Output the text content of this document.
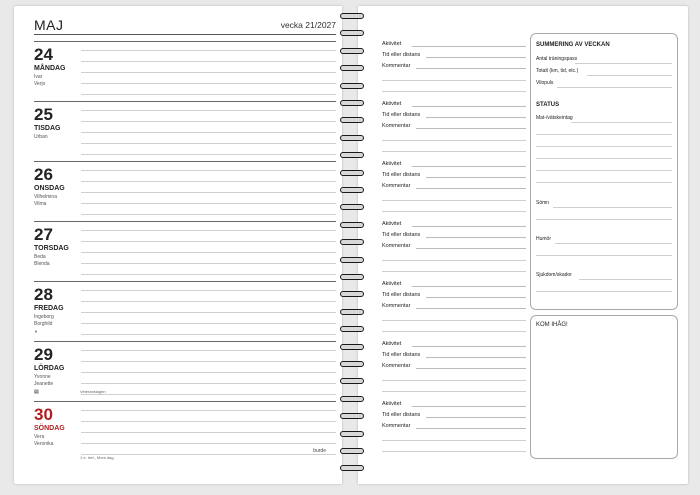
MAJ	vecka 21/2027
24
MÅNDAG
Ivar
Verjo
25
TISDAG
Urban
26
ONSDAG
Vilhelmina
Vilma
27
TORSDAG
Beda
Blenda
28
FREDAG
Ingeborg
Borghild
◑
29
LÖRDAG
Yvonne
Jeanette
▤	Veteranslagen
30
SÖNDAG
Vera
Veronika
1 e. tref., Mors dag
burde
Aktivitet
Tid eller distans
Kommentar
Aktivitet
Tid eller distans
Kommentar
Aktivitet
Tid eller distans
Kommentar
Aktivitet
Tid eller distans
Kommentar
Aktivitet
Tid eller distans
Kommentar
Aktivitet
Tid eller distans
Kommentar
Aktivitet
Tid eller distans
Kommentar
SUMMERING AV VECKAN
Antal träningspass
Totalt (km, tid, etc.)
Vilopuls
STATUS
Mat-/vätskeintag
Sömn
Humör
Sjukdom/skador
KOM IHÅG!
